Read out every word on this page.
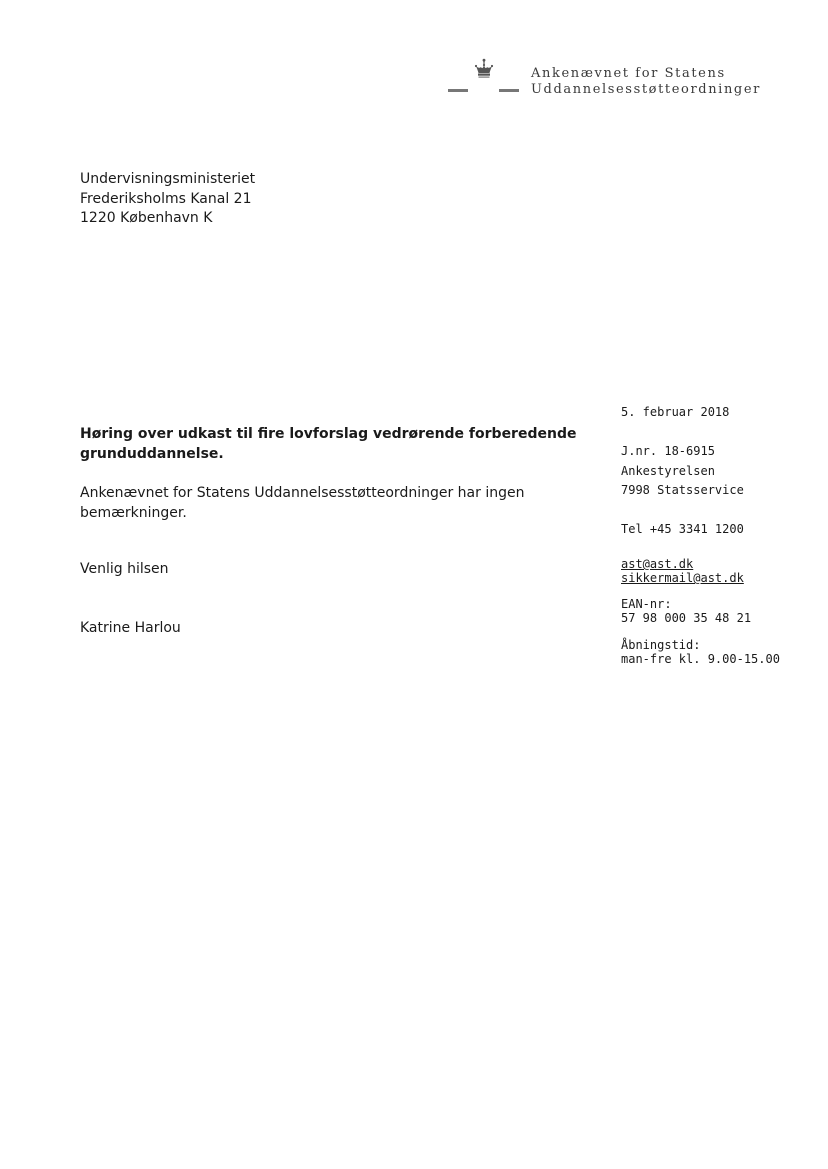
Ankenævnet for Statens
Uddannelsesstøtteordninger
Undervisningsministeriet
Frederiksholms Kanal 21
1220 København K
Høring over udkast til fire lovforslag vedrørende forberedende grunduddannelse.
Ankenævnet for Statens Uddannelsesstøtteordninger har ingen bemærkninger.
Venlig hilsen
Katrine Harlou
5. februar 2018
J.nr. 18-6915
Ankestyrelsen
7998 Statsservice
Tel +45 3341 1200
ast@ast.dk
sikkermail@ast.dk
EAN-nr:
57 98 000 35 48 21
Åbningstid:
man-fre kl. 9.00-15.00
